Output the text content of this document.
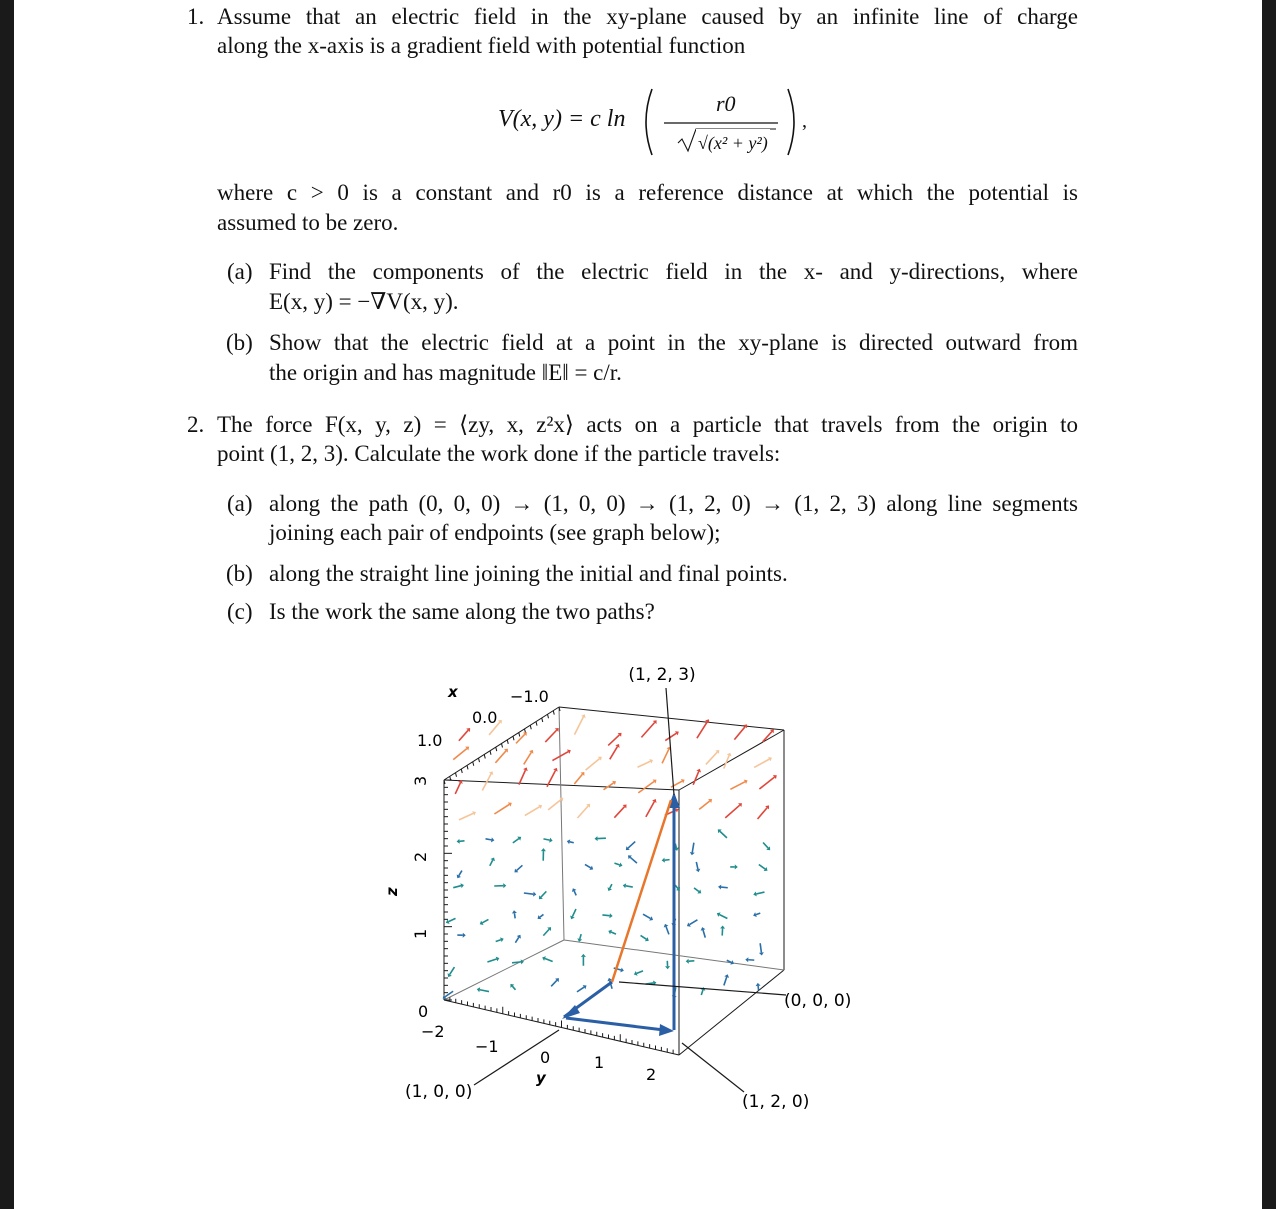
1. Assume that an electric field in the xy-plane caused by an infinite line of charge
along the x-axis is a gradient field with potential function
V(x, y) = c ln
r0
√(x² + y²)
,
where c > 0 is a constant and r0 is a reference distance at which the potential is
assumed to be zero.
(a) Find the components of the electric field in the x- and y-directions, where
E(x, y) = −∇V(x, y).
(b) Show that the electric field at a point in the xy-plane is directed outward from
the origin and has magnitude ‖E‖ = c/r.
2. The force F(x, y, z) = ⟨zy, x, z²x⟩ acts on a particle that travels from the origin to
point (1, 2, 3). Calculate the work done if the particle travels:
(a) along the path (0, 0, 0) → (1, 0, 0) → (1, 2, 0) → (1, 2, 3) along line segments
joining each pair of endpoints (see graph below);
(b) along the straight line joining the initial and final points.
(c) Is the work the same along the two paths?
(1, 2, 3)
(0, 0, 0)
(1, 0, 0)	(1, 2, 0)
x
y
z
−1.0
0.0
1.0
−2
−1
0	1
2
3
2
1
0
